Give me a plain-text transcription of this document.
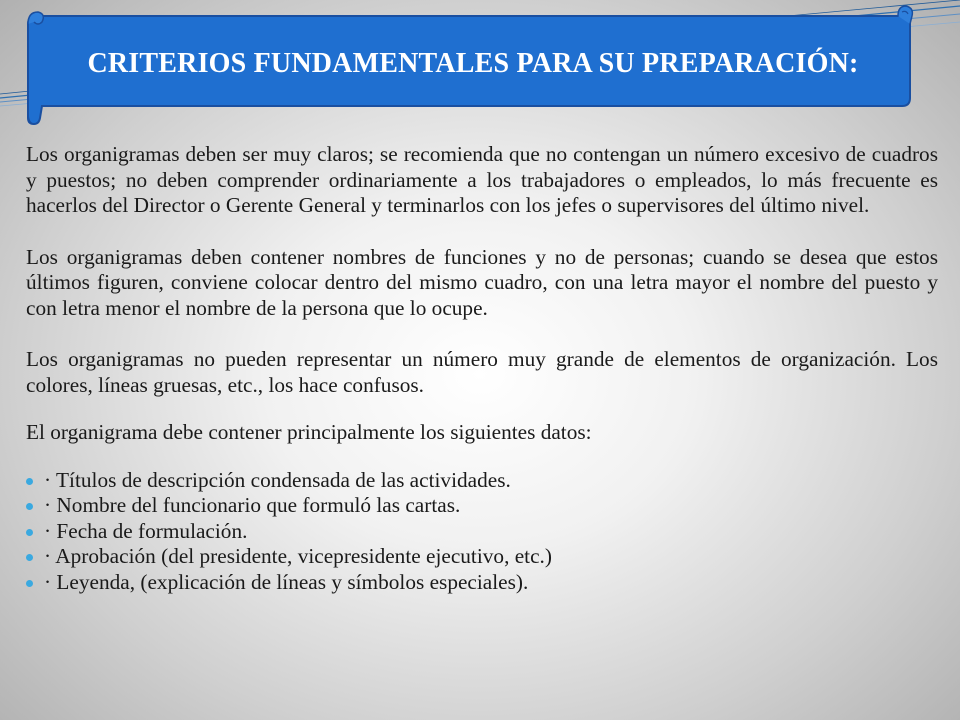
CRITERIOS FUNDAMENTALES PARA SU PREPARACIÓN:

Los organigramas deben ser muy claros; se recomienda que no contengan un número excesivo de cuadros y puestos; no deben comprender ordinariamente a los trabajadores o empleados, lo más frecuente es hacerlos del Director o Gerente General y terminarlos con los jefes o supervisores del último nivel.

Los organigramas deben contener nombres de funciones y no de personas; cuando se desea que estos últimos figuren, conviene colocar dentro del mismo cuadro, con una letra mayor el nombre del puesto y con letra menor el nombre de la persona que lo ocupe.

Los organigramas no pueden representar un número muy grande de elementos de organización. Los colores, líneas gruesas, etc., los hace confusos.

El organigrama debe contener principalmente los siguientes datos:

· Títulos de descripción condensada de las actividades.
· Nombre del funcionario que formuló las cartas.
· Fecha de formulación.
· Aprobación (del presidente, vicepresidente ejecutivo, etc.)
· Leyenda, (explicación de líneas y símbolos especiales).
